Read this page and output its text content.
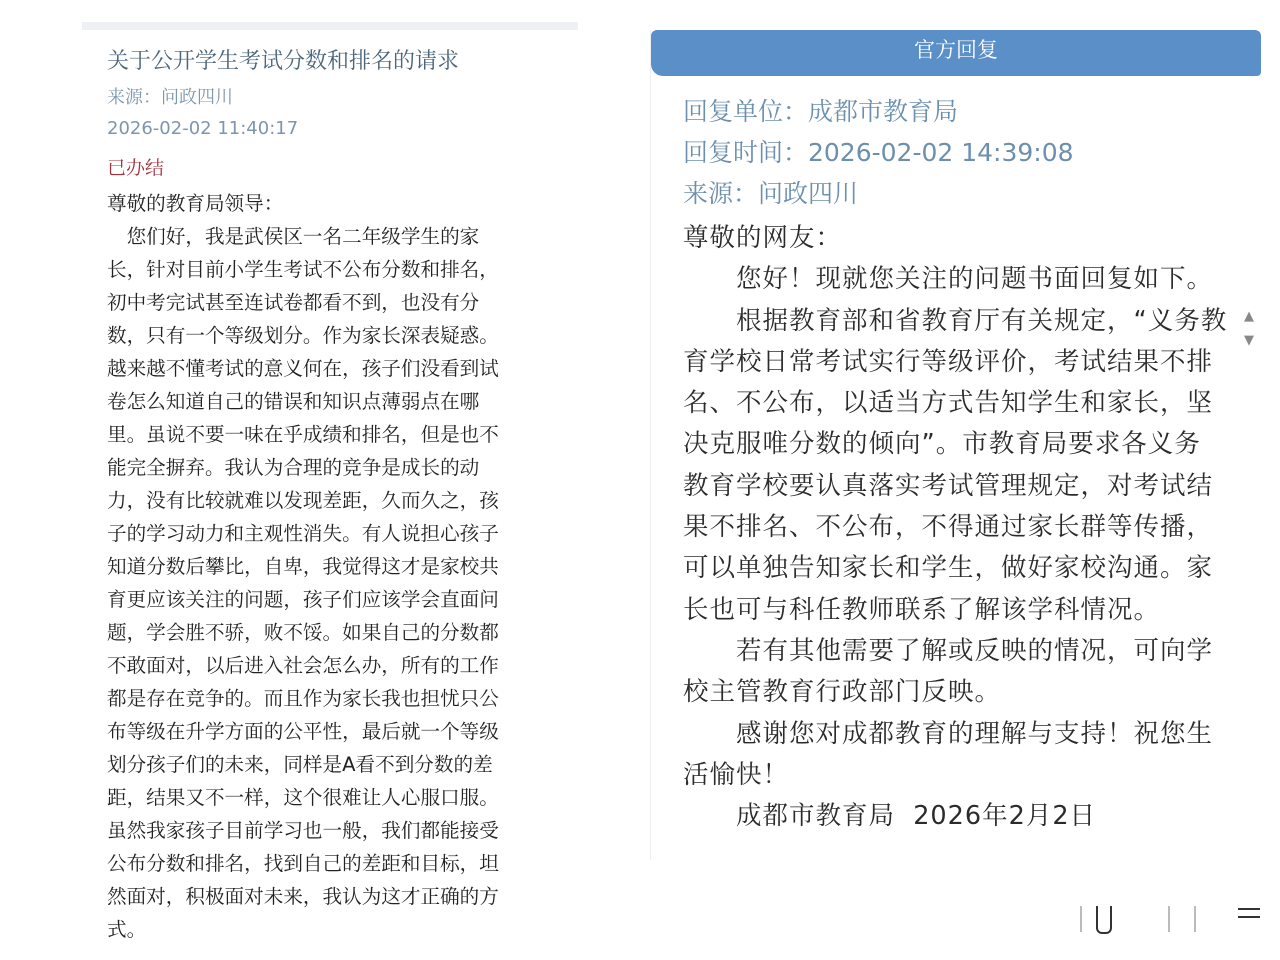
关于公开学生考试分数和排名的请求
来源：问政四川
2026-02-02 11:40:17
已办结
尊敬的教育局领导：
　您们好，我是武侯区一名二年级学生的家
长，针对目前小学生考试不公布分数和排名，
初中考完试甚至连试卷都看不到，也没有分
数，只有一个等级划分。作为家长深表疑惑。
越来越不懂考试的意义何在，孩子们没看到试
卷怎么知道自己的错误和知识点薄弱点在哪
里。虽说不要一味在乎成绩和排名，但是也不
能完全摒弃。我认为合理的竞争是成长的动
力，没有比较就难以发现差距，久而久之，孩
子的学习动力和主观性消失。有人说担心孩子
知道分数后攀比，自卑，我觉得这才是家校共
育更应该关注的问题，孩子们应该学会直面问
题，学会胜不骄，败不馁。如果自己的分数都
不敢面对，以后进入社会怎么办，所有的工作
都是存在竞争的。而且作为家长我也担忧只公
布等级在升学方面的公平性，最后就一个等级
划分孩子们的未来，同样是A看不到分数的差
距，结果又不一样，这个很难让人心服口服。
虽然我家孩子目前学习也一般，我们都能接受
公布分数和排名，找到自己的差距和目标，坦
然面对，积极面对未来，我认为这才正确的方
式。
官方回复
回复单位：成都市教育局
回复时间：2026-02-02 14:39:08
来源：问政四川
尊敬的网友：
　　您好！现就您关注的问题书面回复如下。
　　根据教育部和省教育厅有关规定，“义务教
育学校日常考试实行等级评价，考试结果不排
名、不公布，以适当方式告知学生和家长，坚
决克服唯分数的倾向”。市教育局要求各义务
教育学校要认真落实考试管理规定，对考试结
果不排名、不公布，不得通过家长群等传播，
可以单独告知家长和学生，做好家校沟通。家
长也可与科任教师联系了解该学科情况。
　　若有其他需要了解或反映的情况，可向学
校主管教育行政部门反映。
　　感谢您对成都教育的理解与支持！祝您生
活愉快！
　　成都市教育局  2026年2月2日
▲
▼
